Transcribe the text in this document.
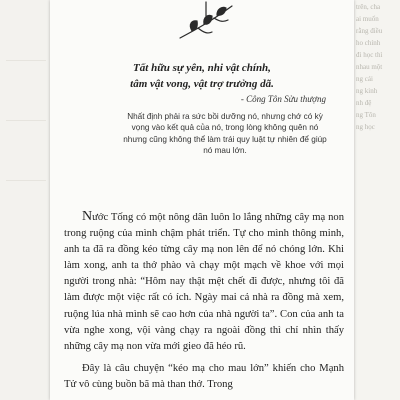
trên, cha
ai muốn
rằng điều
ho chính
đi học thì
nhau một
ng cái
ng kinh
nh đệ
ng Tôn
ng học
Tất hữu sự yên, nhi vật chính,
tâm vật vong, vật trợ trưởng dã.
- Công Tôn Sửu thượng
Nhất định phải ra sức bồi dưỡng nó, nhưng chớ có kỳ
vọng vào kết quả của nó, trong lòng không quên nó
nhưng cũng không thể làm trái quy luật tự nhiên để giúp
nó mau lớn.

Nước Tống có một nông dân luôn lo lắng những cây mạ non trong ruộng của mình chậm phát triển. Tự cho mình thông minh, anh ta đã ra đồng kéo từng cây mạ non lên để nó chóng lớn. Khi làm xong, anh ta thở phào và chạy một mạch về khoe với mọi người trong nhà: “Hôm nay thật mệt chết đi được, nhưng tôi đã làm được một việc rất có ích. Ngày mai cả nhà ra đồng mà xem, ruộng lúa nhà mình sẽ cao hơn của nhà người ta”. Con của anh ta vừa nghe xong, vội vàng chạy ra ngoài đồng thì chỉ nhìn thấy những cây mạ non vừa mới gieo đã héo rũ.

Đây là câu chuyện “kéo mạ cho mau lớn” khiến cho Mạnh Tử vô cùng buồn bã mà than thở. Trong
